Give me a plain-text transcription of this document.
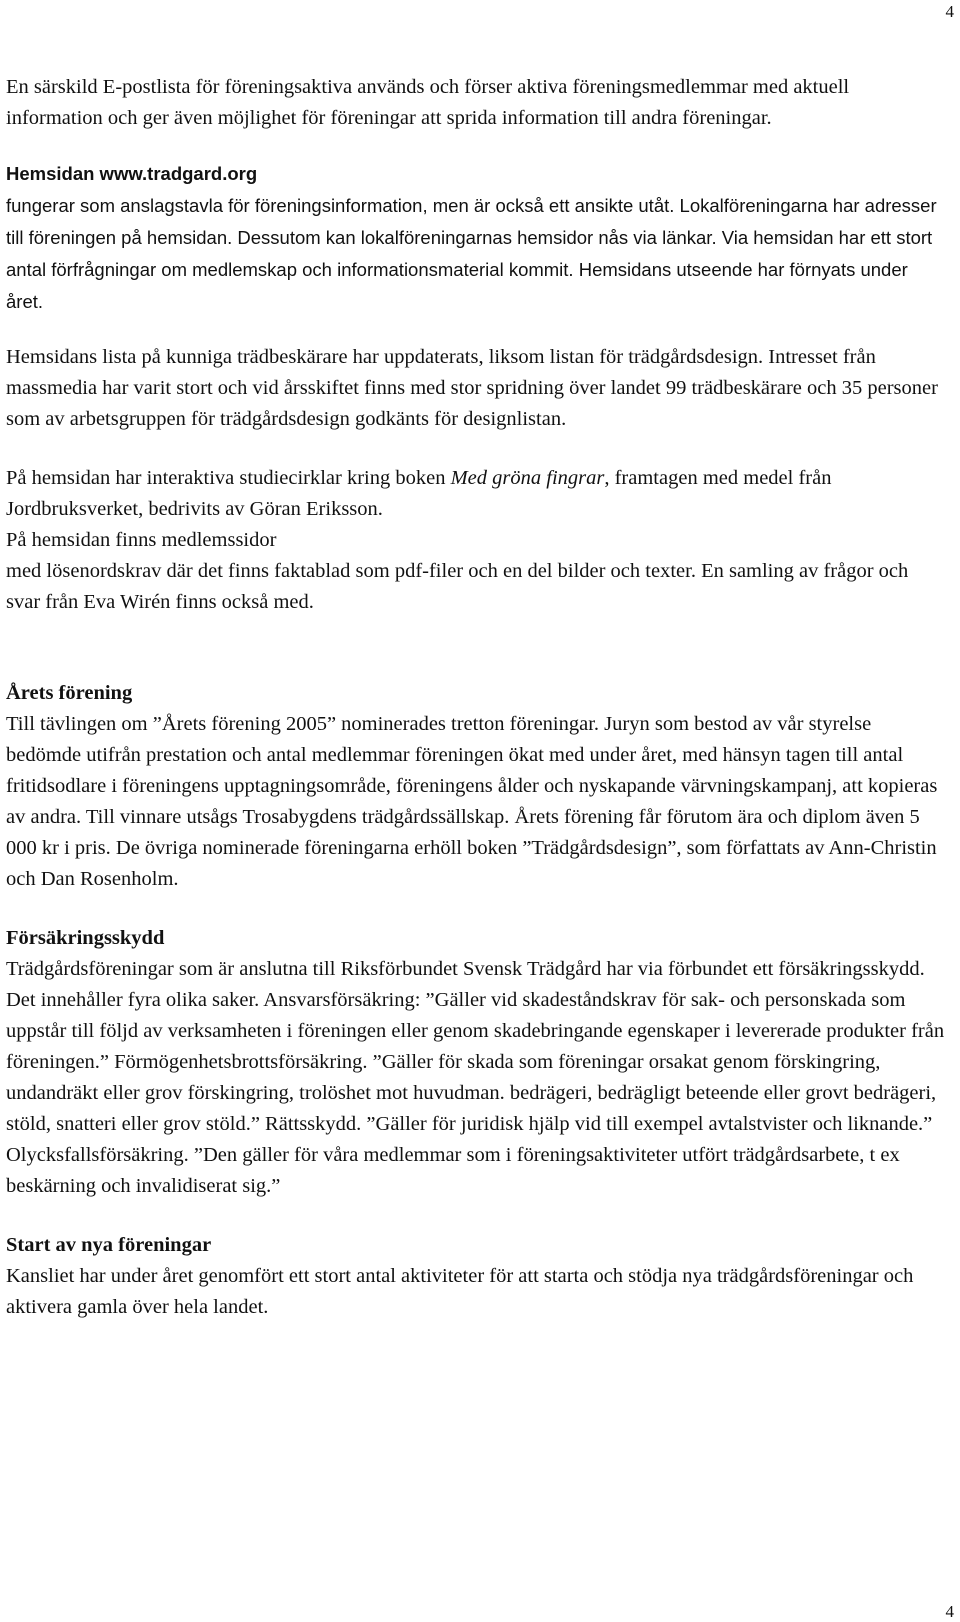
4

En särskild E-postlista för föreningsaktiva används och förser aktiva föreningsmedlemmar med aktuell information och ger även möjlighet för föreningar att sprida information till andra föreningar.

Hemsidan www.tradgard.org
fungerar som anslagstavla för föreningsinformation, men är också ett ansikte utåt. Lokalföreningarna har adresser till föreningen på hemsidan. Dessutom kan lokalföreningarnas hemsidor nås via länkar. Via hemsidan har ett stort antal förfrågningar om medlemskap och informationsmaterial kommit. Hemsidans utseende har förnyats under året.

Hemsidans lista på kunniga trädbeskärare har uppdaterats, liksom listan för trädgårdsdesign. Intresset från massmedia har varit stort och vid årsskiftet finns med stor spridning över landet 99 trädbeskärare och 35 personer som av arbetsgruppen för trädgårdsdesign godkänts för designlistan.

På hemsidan har interaktiva studiecirklar kring boken Med gröna fingrar, framtagen med medel från Jordbruksverket, bedrivits av Göran Eriksson.

På hemsidan finns medlemssidor

med lösenordskrav där det finns faktablad som pdf-filer och en del bilder och texter. En samling av frågor och svar från Eva Wirén finns också med.

Årets förening
Till tävlingen om ”Årets förening 2005” nominerades tretton föreningar. Juryn som bestod av vår styrelse bedömde utifrån prestation och antal medlemmar föreningen ökat med under året, med hänsyn tagen till antal fritidsodlare i föreningens upptagningsområde, föreningens ålder och nyskapande värvningskampanj, att kopieras av andra. Till vinnare utsågs Trosabygdens trädgårdssällskap. Årets förening får förutom ära och diplom även 5 000 kr i pris. De övriga nominerade föreningarna erhöll boken ”Trädgårdsdesign”, som författats av Ann-Christin och Dan Rosenholm.
Försäkringsskydd
Trädgårdsföreningar som är anslutna till Riksförbundet Svensk Trädgård har via förbundet ett försäkringsskydd. Det innehåller fyra olika saker. Ansvarsförsäkring: ”Gäller vid skadeståndskrav för sak- och personskada som uppstår till följd av verksamheten i föreningen eller genom skadebringande egenskaper i levererade produkter från föreningen.” Förmögenhetsbrottsförsäkring. ”Gäller för skada som föreningar orsakat genom förskingring, undandräkt eller grov förskingring, trolöshet mot huvudman. bedrägeri, bedrägligt beteende eller grovt bedrägeri, stöld, snatteri eller grov stöld.” Rättsskydd. ”Gäller för juridisk hjälp vid till exempel avtalstvister och liknande.” Olycksfallsförsäkring. ”Den gäller för våra medlemmar som i föreningsaktiviteter utfört trädgårdsarbete, t ex beskärning och invalidiserat sig.”
Start av nya föreningar
Kansliet har under året genomfört ett stort antal aktiviteter för att starta och stödja nya trädgårdsföreningar och aktivera gamla över hela landet.
4
